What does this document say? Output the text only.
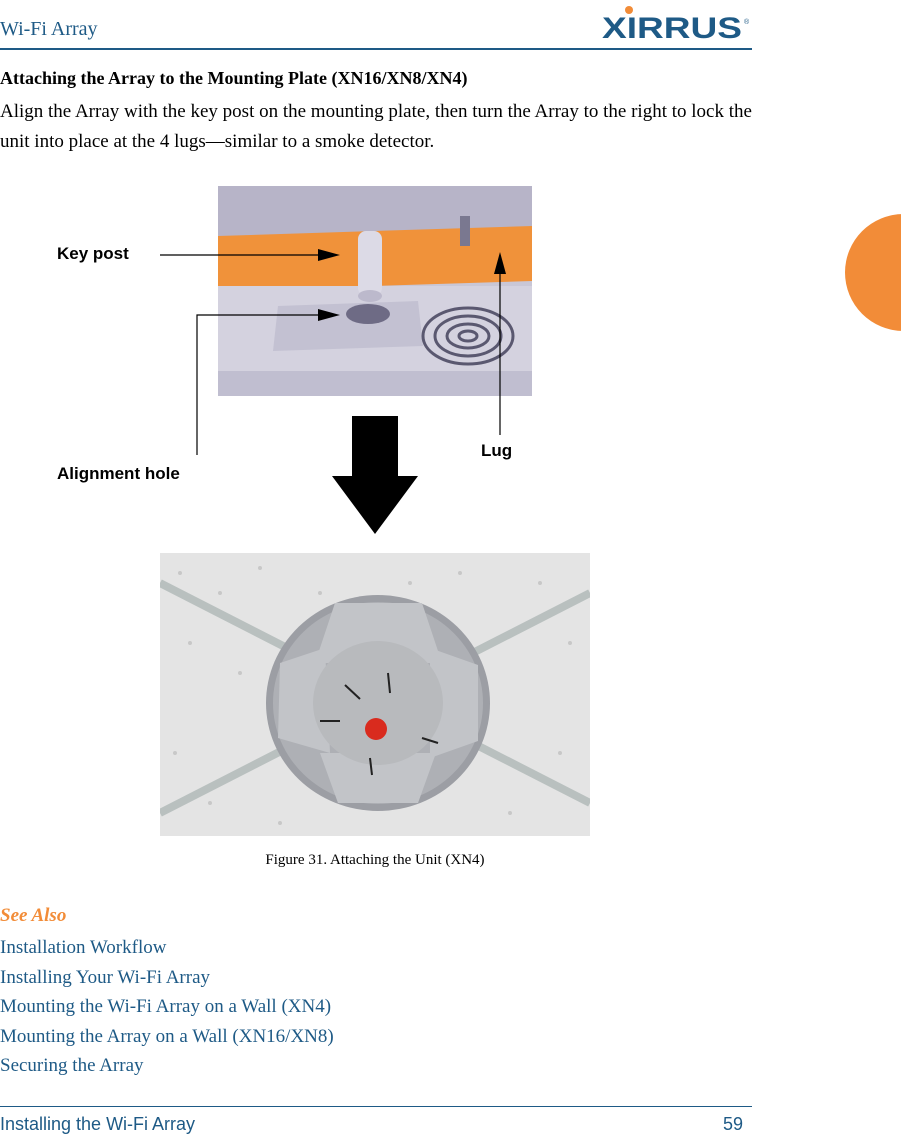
Wi-Fi Array	XIRRUS ®
Attaching the Array to the Mounting Plate (XN16/XN8/XN4)
Align the Array with the key post on the mounting plate, then turn the Array to the right to lock the unit into place at the 4 lugs—similar to a smoke detector.
Key post
Alignment hole
Lug
Figure 31. Attaching the Unit (XN4)
See Also
Installation Workflow
Installing Your Wi-Fi Array
Mounting the Wi-Fi Array on a Wall (XN4)
Mounting the Array on a Wall (XN16/XN8)
Securing the Array
Installing the Wi-Fi Array	59
